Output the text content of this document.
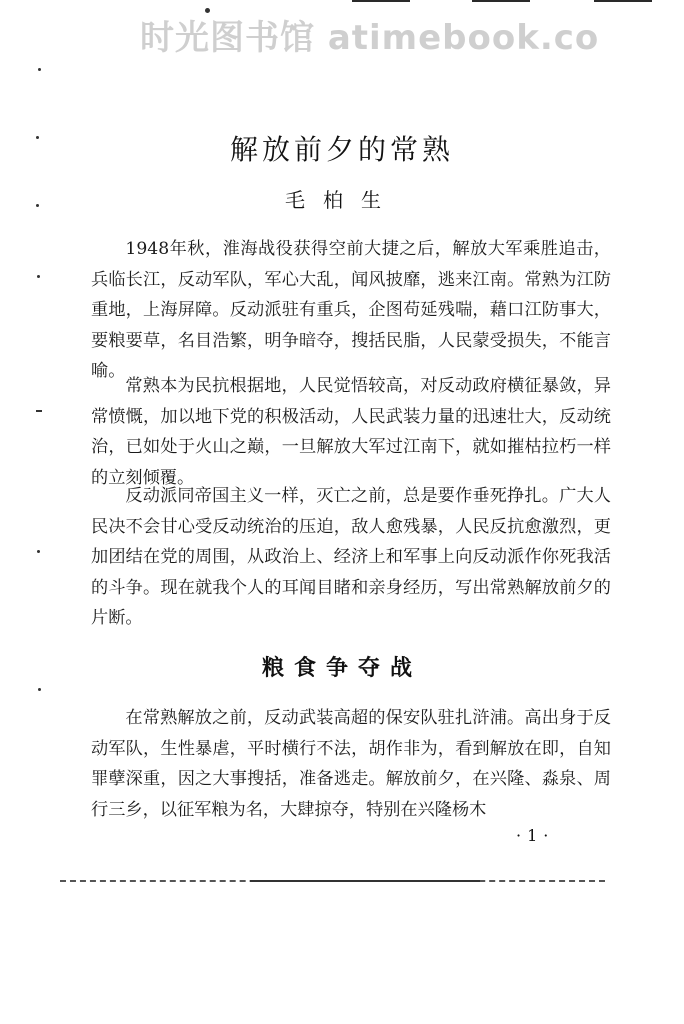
时光图书馆 atimebook.co
解放前夕的常熟
毛柏生

1948年秋，淮海战役获得空前大捷之后，解放大军乘胜追击，兵临长江，反动军队，军心大乱，闻风披靡，逃来江南。常熟为江防重地，上海屏障。反动派驻有重兵，企图苟延残喘，藉口江防事大，要粮要草，名目浩繁，明争暗夺，搜括民脂，人民蒙受损失，不能言喻。

常熟本为民抗根据地，人民觉悟较高，对反动政府横征暴敛，异常愤慨，加以地下党的积极活动，人民武装力量的迅速壮大，反动统治，已如处于火山之巅，一旦解放大军过江南下，就如摧枯拉朽一样的立刻倾覆。

反动派同帝国主义一样，灭亡之前，总是要作垂死挣扎。广大人民决不会甘心受反动统治的压迫，敌人愈残暴，人民反抗愈激烈，更加团结在党的周围，从政治上、经济上和军事上向反动派作你死我活的斗争。现在就我个人的耳闻目睹和亲身经历，写出常熟解放前夕的片断。

粮食争夺战

在常熟解放之前，反动武装高超的保安队驻扎浒浦。高出身于反动军队，生性暴虐，平时横行不法，胡作非为，看到解放在即，自知罪孽深重，因之大事搜括，准备逃走。解放前夕，在兴隆、淼泉、周行三乡，以征军粮为名，大肆掠夺，特别在兴隆杨木

·1·
